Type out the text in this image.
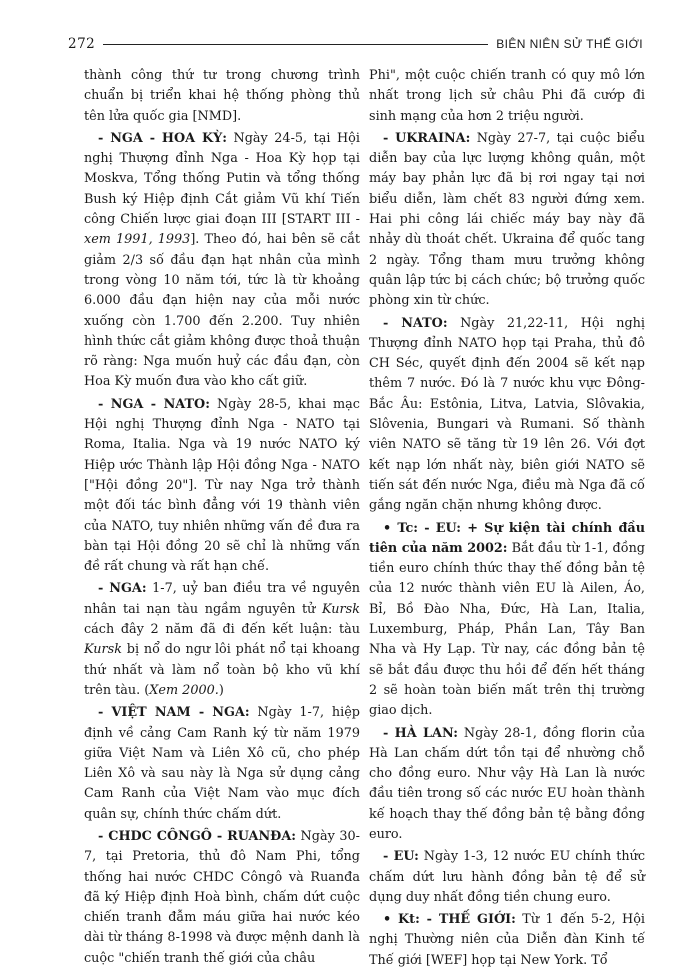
272	BIÊN NIÊN SỬ THẾ GIỚI

thành công thứ tư trong chương trình chuẩn bị triển khai hệ thống phòng thủ tên lửa quốc gia [NMD].

- NGA - HOA KỲ: Ngày 24-5, tại Hội nghị Thượng đỉnh Nga - Hoa Kỳ họp tại Moskva, Tổng thống Putin và tổng thống Bush ký Hiệp định Cắt giảm Vũ khí Tiến công Chiến lược giai đoạn III [START III - xem 1991, 1993]. Theo đó, hai bên sẽ cắt giảm 2/3 số đầu đạn hạt nhân của mình trong vòng 10 năm tới, tức là từ khoảng 6.000 đầu đạn hiện nay của mỗi nước xuống còn 1.700 đến 2.200. Tuy nhiên hình thức cắt giảm không được thoả thuận rõ ràng: Nga muốn huỷ các đầu đạn, còn Hoa Kỳ muốn đưa vào kho cất giữ.

- NGA - NATO: Ngày 28-5, khai mạc Hội nghị Thượng đỉnh Nga - NATO tại Roma, Italia. Nga và 19 nước NATO ký Hiệp ước Thành lập Hội đồng Nga - NATO ["Hội đồng 20"]. Từ nay Nga trở thành một đối tác bình đẳng với 19 thành viên của NATO, tuy nhiên những vấn đề đưa ra bàn tại Hội đồng 20 sẽ chỉ là những vấn đề rất chung và rất hạn chế.

- NGA: 1-7, uỷ ban điều tra về nguyên nhân tai nạn tàu ngầm nguyên tử Kursk cách đây 2 năm đã đi đến kết luận: tàu Kursk bị nổ do ngư lôi phát nổ tại khoang thứ nhất và làm nổ toàn bộ kho vũ khí trên tàu. (Xem 2000.)

- VIỆT NAM - NGA: Ngày 1-7, hiệp định về cảng Cam Ranh ký từ năm 1979 giữa Việt Nam và Liên Xô cũ, cho phép Liên Xô và sau này là Nga sử dụng cảng Cam Ranh của Việt Nam vào mục đích quân sự, chính thức chấm dứt.

- CHDC CÔNGÔ - RUANĐA: Ngày 30-7, tại Pretoria, thủ đô Nam Phi, tổng thống hai nước CHDC Côngô và Ruanđa đã ký Hiệp định Hoà bình, chấm dứt cuộc chiến tranh đẫm máu giữa hai nước kéo dài từ tháng 8-1998 và được mệnh danh là cuộc "chiến tranh thế giới của châu

Phi", một cuộc chiến tranh có quy mô lớn nhất trong lịch sử châu Phi đã cướp đi sinh mạng của hơn 2 triệu người.

- UKRAINA: Ngày 27-7, tại cuộc biểu diễn bay của lực lượng không quân, một máy bay phản lực đã bị rơi ngay tại nơi biểu diễn, làm chết 83 người đứng xem. Hai phi công lái chiếc máy bay này đã nhảy dù thoát chết. Ukraina để quốc tang 2 ngày. Tổng tham mưu trưởng không quân lập tức bị cách chức; bộ trưởng quốc phòng xin từ chức.

- NATO: Ngày 21,22-11, Hội nghị Thượng đỉnh NATO họp tại Praha, thủ đô CH Séc, quyết định đến 2004 sẽ kết nạp thêm 7 nước. Đó là 7 nước khu vực Đông-Bắc Âu: Estônia, Litva, Latvia, Slôvakia, Slôvenia, Bungari và Rumani. Số thành viên NATO sẽ tăng từ 19 lên 26. Với đợt kết nạp lớn nhất này, biên giới NATO sẽ tiến sát đến nước Nga, điều mà Nga đã cố gắng ngăn chặn nhưng không được.

• Tc: - EU: + Sự kiện tài chính đầu tiên của năm 2002: Bắt đầu từ 1-1, đồng tiền euro chính thức thay thế đồng bản tệ của 12 nước thành viên EU là Ailen, Áo, Bỉ, Bồ Đào Nha, Đức, Hà Lan, Italia, Luxemburg, Pháp, Phần Lan, Tây Ban Nha và Hy Lạp. Từ nay, các đồng bản tệ sẽ bắt đầu được thu hồi để đến hết tháng 2 sẽ hoàn toàn biến mất trên thị trường giao dịch.

- HÀ LAN: Ngày 28-1, đồng florin của Hà Lan chấm dứt tồn tại để nhường chỗ cho đồng euro. Như vậy Hà Lan là nước đầu tiên trong số các nước EU hoàn thành kế hoạch thay thế đồng bản tệ bằng đồng euro.

- EU: Ngày 1-3, 12 nước EU chính thức chấm dứt lưu hành đồng bản tệ để sử dụng duy nhất đồng tiền chung euro.

• Kt: - THẾ GIỚI: Từ 1 đến 5-2, Hội nghị Thường niên của Diễn đàn Kinh tế Thế giới [WEF] họp tại New York. Tổ
